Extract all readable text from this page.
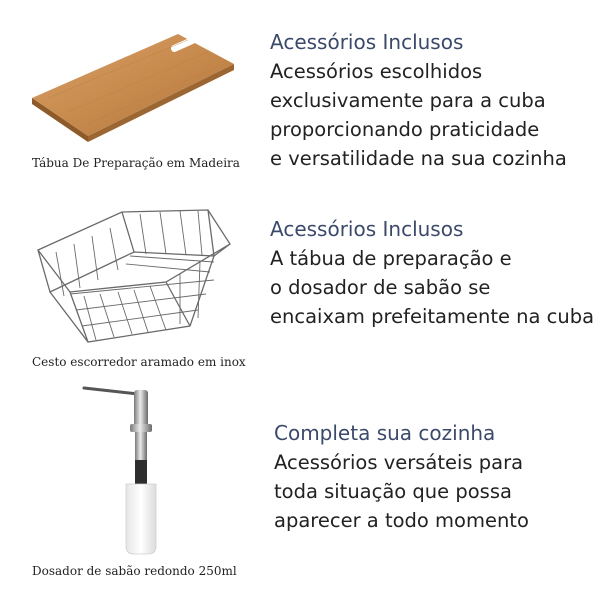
Tábua De Preparação em Madeira
Cesto escorredor aramado em inox
Dosador de sabão redondo 250ml
Acessórios Inclusos
Acessórios escolhidos
exclusivamente para a cuba
proporcionando praticidade
e versatilidade na sua cozinha
Acessórios Inclusos
A tábua de preparação e
o dosador de sabão se
encaixam prefeitamente na cuba
Completa sua cozinha
Acessórios versáteis para
toda situação que possa
aparecer a todo momento
